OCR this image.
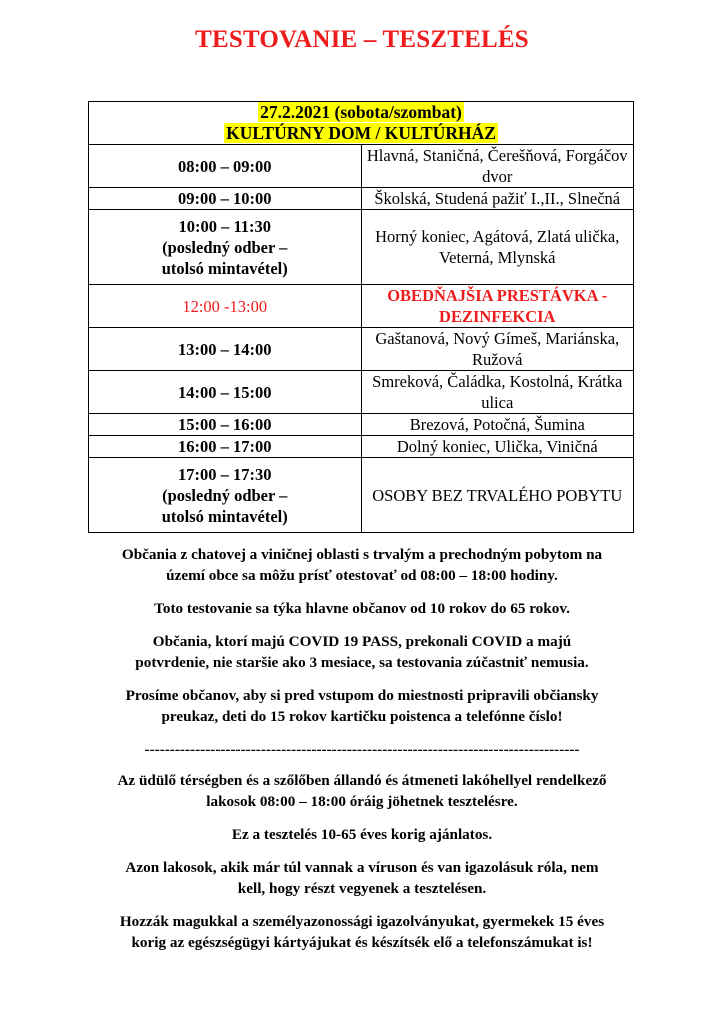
TESTOVANIE – TESZTELÉS
27.2.2021 (sobota/szombat)
KULTÚRNY DOM / KULTÚRHÁZ	
08:00 – 09:00	Hlavná, Staničná, Čerešňová, Forgáčov dvor
09:00 – 10:00	Školská, Studená pažiť I.,II., Slnečná
10:00 – 11:30
(posledný odber –
utolsó mintavétel)	Horný koniec, Agátová, Zlatá ulička,
Veterná, Mlynská
12:00 -13:00	OBEDŇAJŠIA PRESTÁVKA -
DEZINFEKCIA
13:00 – 14:00	Gaštanová, Nový Gímeš, Mariánska,
Ružová
14:00 – 15:00	Smreková, Čaládka, Kostolná, Krátka ulica
15:00 – 16:00	Brezová, Potočná, Šumina
16:00 – 17:00	Dolný koniec, Ulička, Viničná
17:00 – 17:30
(posledný odber –
utolsó mintavétel)	OSOBY BEZ TRVALÉHO POBYTU

Občania z chatovej a viničnej oblasti s trvalým a prechodným pobytom na
území obce sa môžu prísť otestovať od 08:00 – 18:00 hodiny.

Toto testovanie sa týka hlavne občanov od 10 rokov do 65 rokov.

Občania, ktorí majú COVID 19 PASS, prekonali COVID a majú
potvrdenie, nie staršie ako 3 mesiace, sa testovania zúčastniť nemusia.

Prosíme občanov, aby si pred vstupom do miestnosti pripravili občiansky
preukaz, deti do 15 rokov kartičku poistenca a telefónne číslo!

--------------------------------------------------------------------------------------

Az üdülő térségben és a szőlőben állandó és átmeneti lakóhellyel rendelkező
lakosok 08:00 – 18:00 óráig jöhetnek tesztelésre.

Ez a tesztelés 10-65 éves korig ajánlatos.

Azon lakosok, akik már túl vannak a víruson és van igazolásuk róla, nem
kell, hogy részt vegyenek a tesztelésen.

Hozzák magukkal a személyazonossági igazolványukat, gyermekek 15 éves
korig az egészségügyi kártyájukat és készítsék elő a telefonszámukat is!
